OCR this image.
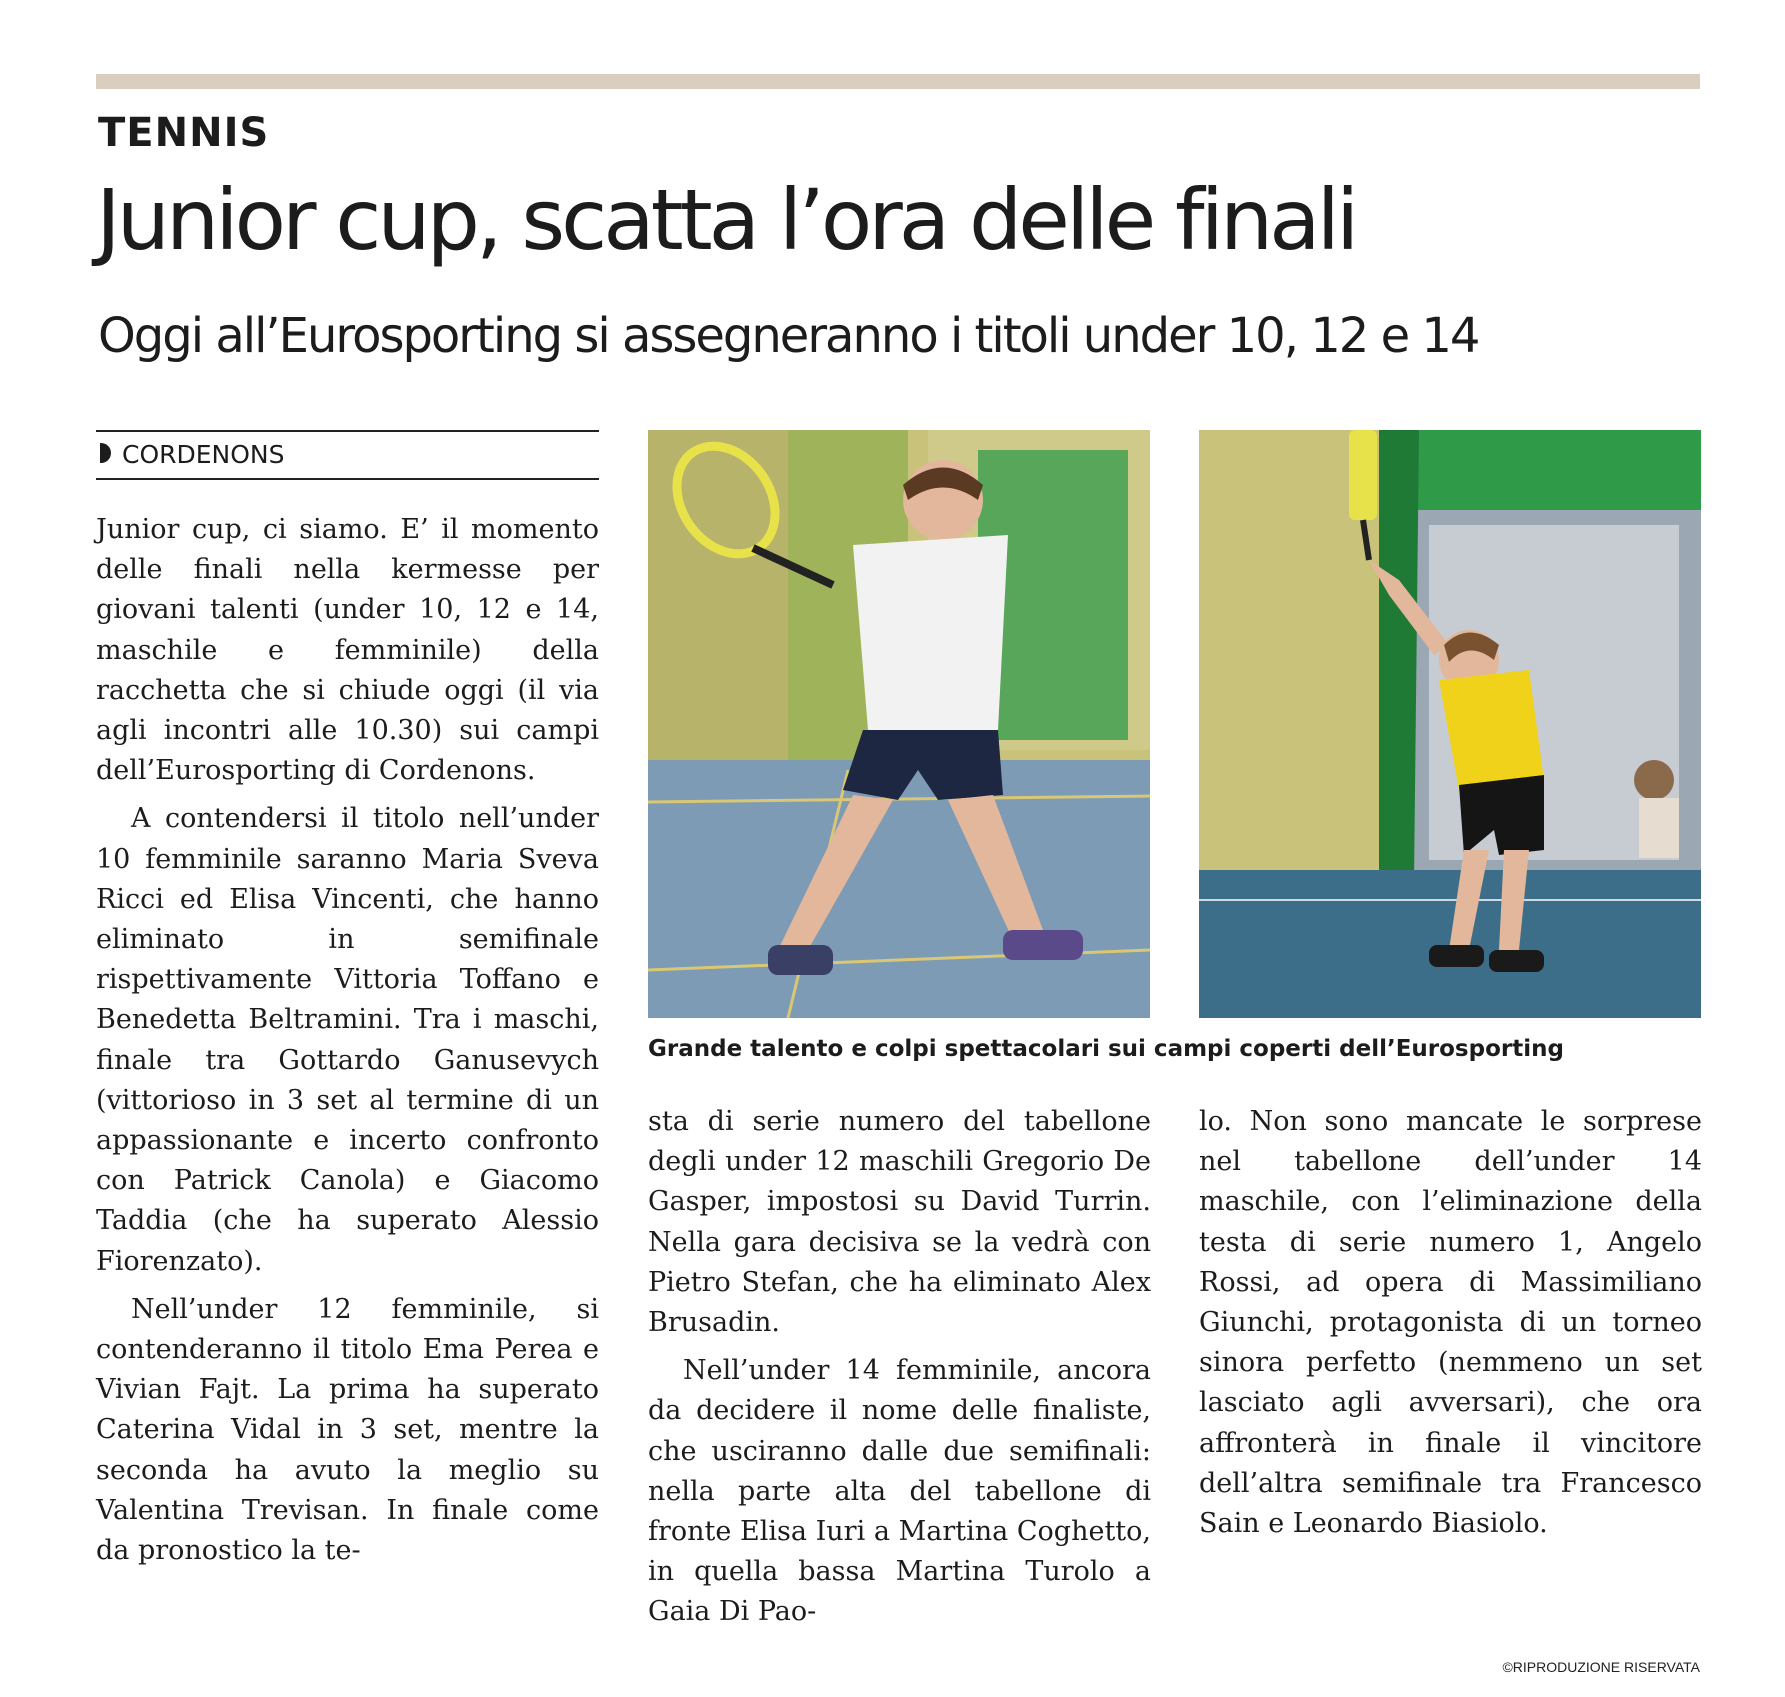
TENNIS
Junior cup, scatta l’ora delle finali
Oggi all’Eurosporting si assegneranno i titoli under 10, 12 e 14
CORDENONS

Junior cup, ci siamo. E’ il momento delle finali nella kermesse per giovani talenti (under 10, 12 e 14, maschile e femminile) della racchetta che si chiude oggi (il via agli incontri alle 10.30) sui campi dell’Eurosporting di Cordenons.

A contendersi il titolo nell’under 10 femminile saranno Maria Sveva Ricci ed Elisa Vincenti, che hanno eliminato in semifinale rispettivamente Vittoria Toffano e Benedetta Beltramini. Tra i maschi, finale tra Gottardo Ganusevych (vittorioso in 3 set al termine di un appassionante e incerto confronto con Patrick Canola) e Giacomo Taddia (che ha superato Alessio Fiorenzato).

Nell’under 12 femminile, si contenderanno il titolo Ema Perea e Vivian Fajt. La prima ha superato Caterina Vidal in 3 set, mentre la seconda ha avuto la meglio su Valentina Trevisan. In finale come da pronostico la te-

Grande talento e colpi spettacolari sui campi coperti dell’Eurosporting

sta di serie numero del tabellone degli under 12 maschili Gregorio De Gasper, impostosi su David Turrin. Nella gara decisiva se la vedrà con Pietro Stefan, che ha eliminato Alex Brusadin.

Nell’under 14 femminile, ancora da decidere il nome delle finaliste, che usciranno dalle due semifinali: nella parte alta del tabellone di fronte Elisa Iuri a Martina Coghetto, in quella bassa Martina Turolo a Gaia Di Pao-

lo. Non sono mancate le sorprese nel tabellone dell’under 14 maschile, con l’eliminazione della testa di serie numero 1, Angelo Rossi, ad opera di Massimiliano Giunchi, protagonista di un torneo sinora perfetto (nemmeno un set lasciato agli avversari), che ora affronterà in finale il vincitore dell’altra semifinale tra Francesco Sain e Leonardo Biasiolo.

©RIPRODUZIONE RISERVATA
